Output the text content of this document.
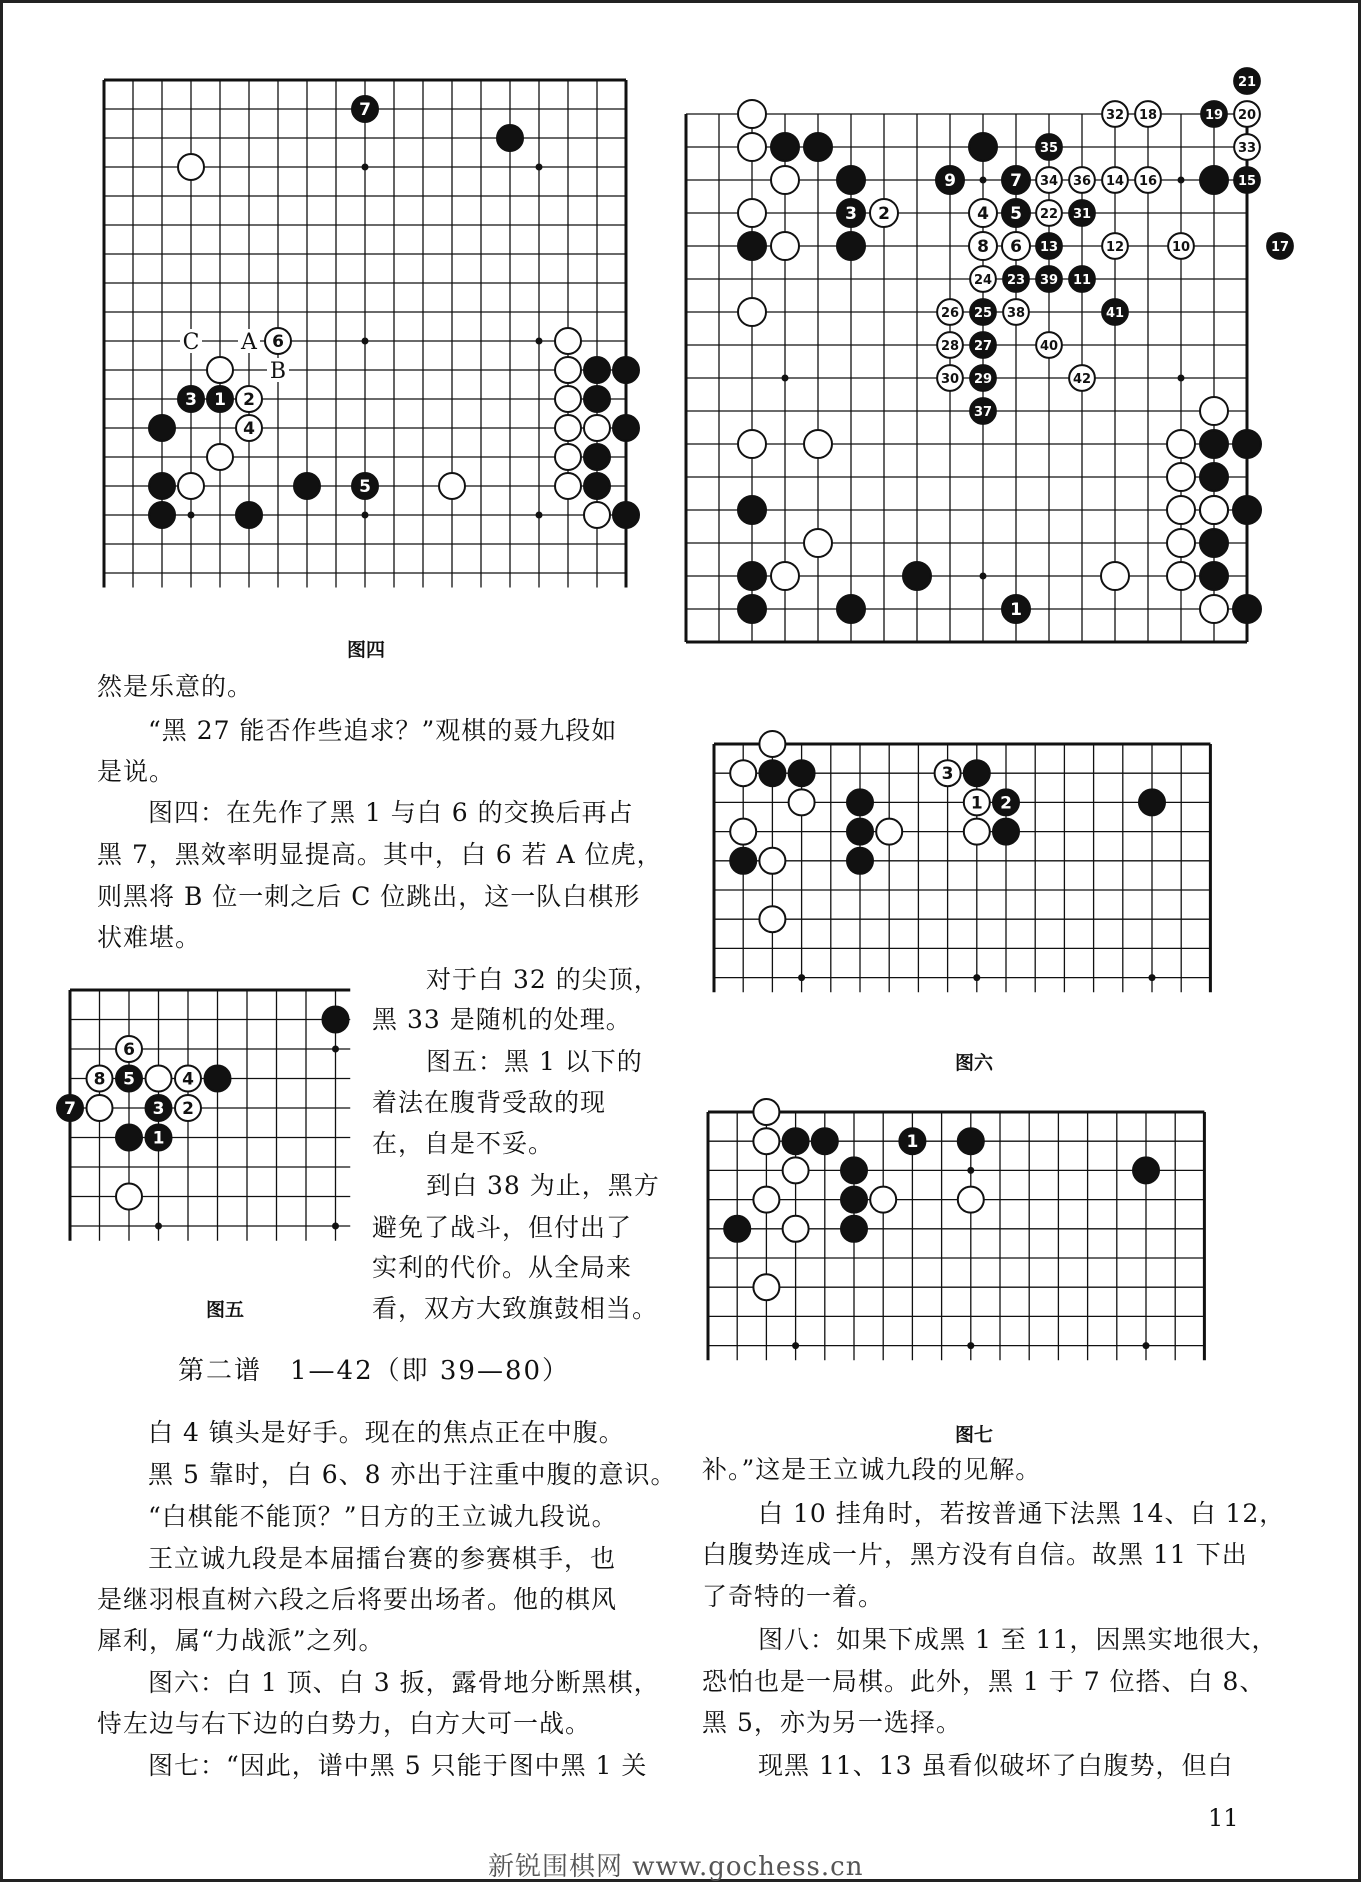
7
3 1
5
2
4
6
C A
B
图四
21
19
35
9	7	15
3	5	31
13	17
23 39 11
25	41
27
29
37
1
32 18	20
33
34 36 14 16
2	4	22
8 6	12	10
24
26	38
28	40
30	42
5
7	3
1
6
8	4
2
图五
2
3
1
图六
1
图七

然是乐意的。

“黑 27 能否作些追求？”观棋的聂九段如

是说。

图四：在先作了黑 1 与白 6 的交换后再占

黑 7，黑效率明显提高。其中，白 6 若 A 位虎，

则黑将 B 位一刺之后 C 位跳出，这一队白棋形

状难堪。

对于白 32 的尖顶，

黑 33 是随机的处理。

图五：黑 1 以下的

着法在腹背受敌的现

在，自是不妥。

到白 38 为止，黑方

避免了战斗，但付出了

实利的代价。从全局来

看，双方大致旗鼓相当。

第二谱　1—42（即 39—80）

白 4 镇头是好手。现在的焦点正在中腹。

黑 5 靠时，白 6、8 亦出于注重中腹的意识。

“白棋能不能顶？”日方的王立诚九段说。

王立诚九段是本届擂台赛的参赛棋手，也

是继羽根直树六段之后将要出场者。他的棋风

犀利，属“力战派”之列。

图六：白 1 顶、白 3 扳，露骨地分断黑棋，

恃左边与右下边的白势力，白方大可一战。

图七：“因此，谱中黑 5 只能于图中黑 1 关

补。”这是王立诚九段的见解。

白 10 挂角时，若按普通下法黑 14、白 12，

白腹势连成一片，黑方没有自信。故黑 11 下出

了奇特的一着。

图八：如果下成黑 1 至 11，因黑实地很大，

恐怕也是一局棋。此外，黑 1 于 7 位搭、白 8、

黑 5，亦为另一选择。

现黑 11、13 虽看似破坏了白腹势，但白

11
新锐围棋网 www.gochess.cn
